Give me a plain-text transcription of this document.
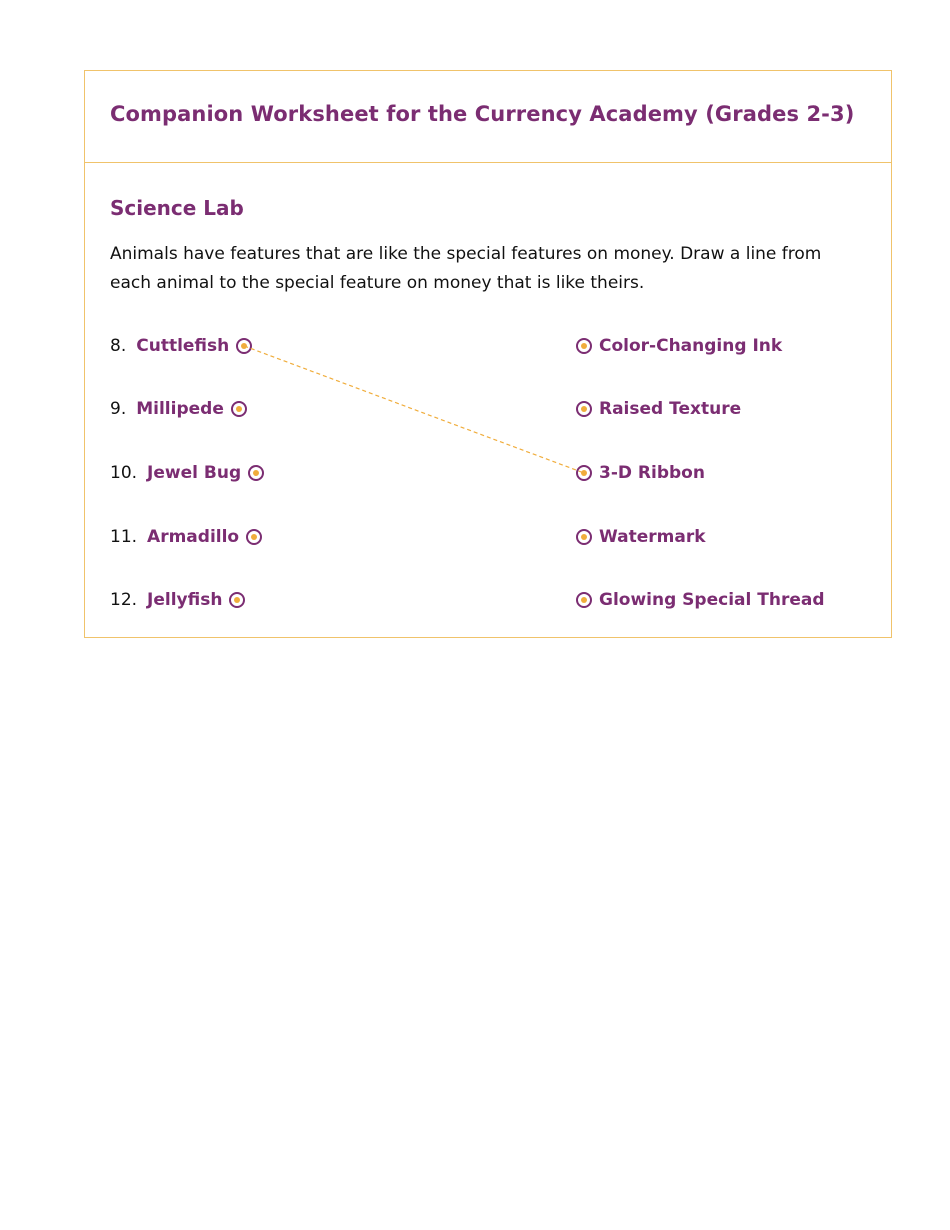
Companion Worksheet for the Currency Academy (Grades 2-3)
Science Lab

Animals have features that are like the special features on money. Draw a line from each animal to the special feature on money that is like theirs.

8. Cuttlefish
9. Millipede
10. Jewel Bug
11. Armadillo
12. Jellyfish
Color-Changing Ink
Raised Texture
3-D Ribbon
Watermark
Glowing Special Thread
